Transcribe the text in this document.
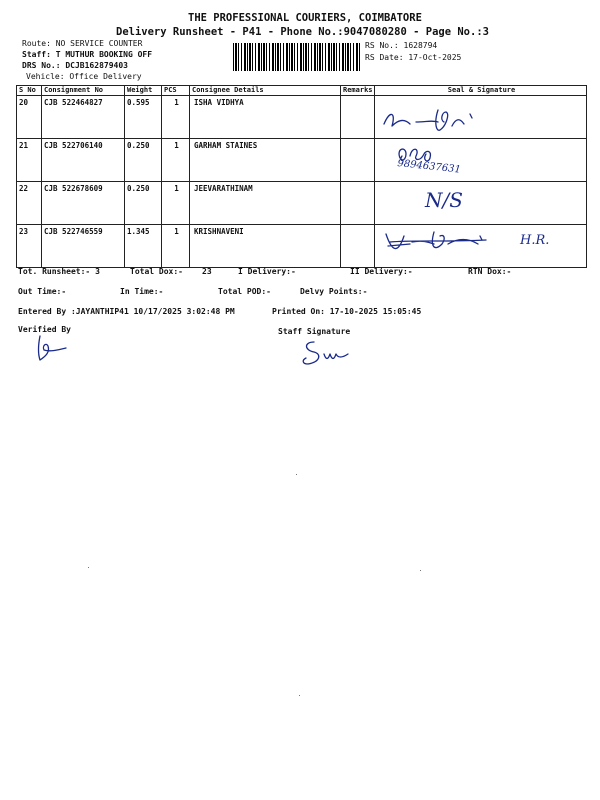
THE PROFESSIONAL COURIERS, COIMBATORE
Delivery Runsheet - P41 - Phone No.:9047080280 - Page No.:3
Route: NO SERVICE COUNTER
Staff: T MUTHUR BOOKING OFF
DRS No.: DCJB162879403
Vehicle: Office Delivery
RS No.: 1628794
RS Date: 17-Oct-2025
S No	Consignment No	Weight	PCS	Consignee Details	Remarks	Seal & Signature
20	CJB 522464827	0.595	1	ISHA VIDHYA		
21	CJB 522706140	0.250	1	GARHAM STAINES		
22	CJB 522678609	0.250	1	JEEVARATHINAM		
23	CJB 522746559	1.345	1	KRISHNAVENI		
9894637631
N/S
H.R.
Tot. Runsheet:- 3	Total Dox:- 23	I Delivery:-	II Delivery:-	RTN Dox:-
Out Time:-	In Time:-	Total POD:-	Delvy Points:-
Entered By :JAYANTHIP41 10/17/2025 3:02:48 PM	Printed On: 17-10-2025 15:05:45
Verified By	Staff Signature
